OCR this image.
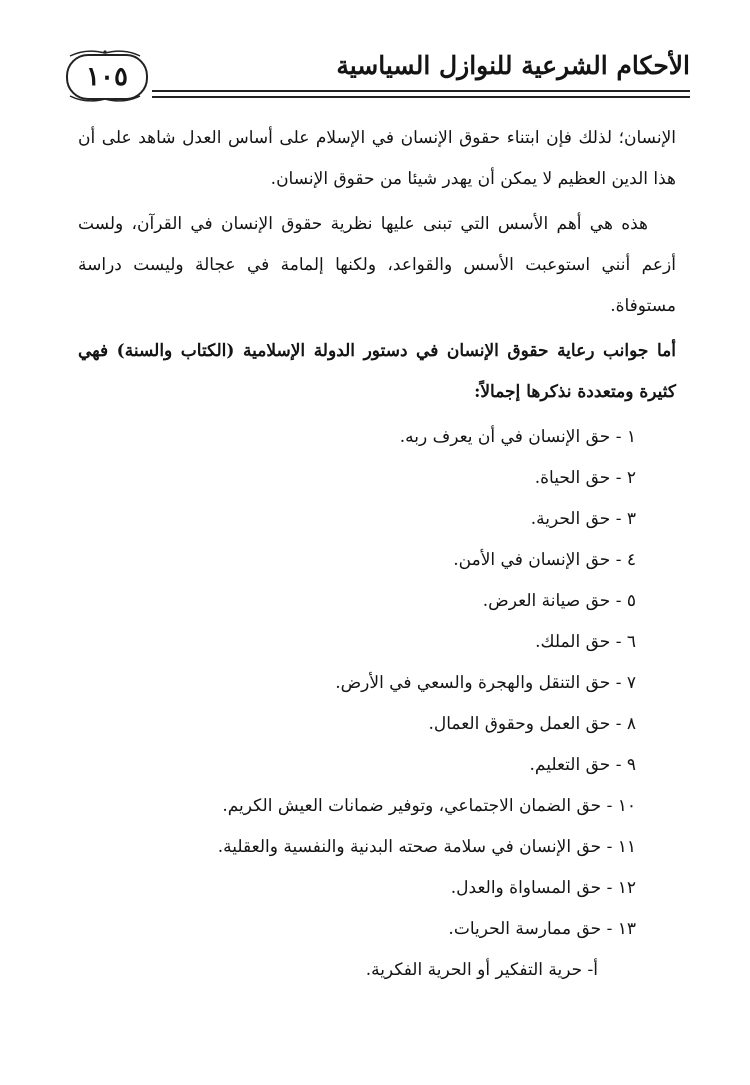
١٠٥	الأحكام الشرعية للنوازل السياسية

الإنسان؛ لذلك فإن ابتناء حقوق الإنسان في الإسلام على أساس العدل شاهد على أن هذا الدين العظيم لا يمكن أن يهدر شيئا من حقوق الإنسان.

هذه هي أهم الأسس التي تبنى عليها نظرية حقوق الإنسان في القرآن، ولست أزعم أنني استوعبت الأسس والقواعد، ولكنها إلمامة في عجالة وليست دراسة مستوفاة.

أما جوانب رعاية حقوق الإنسان في دستور الدولة الإسلامية (الكتاب والسنة) فهي كثيرة ومتعددة نذكرها إجمالاً:

١ - حق الإنسان في أن يعرف ربه.
٢ - حق الحياة.
٣ - حق الحرية.
٤ - حق الإنسان في الأمن.
٥ - حق صيانة العرض.
٦ - حق الملك.
٧ - حق التنقل والهجرة والسعي في الأرض.
٨ - حق العمل وحقوق العمال.
٩ - حق التعليم.
١٠ - حق الضمان الاجتماعي، وتوفير ضمانات العيش الكريم.
١١ - حق الإنسان في سلامة صحته البدنية والنفسية والعقلية.
١٢ - حق المساواة والعدل.
١٣ - حق ممارسة الحريات.
أ- حرية التفكير أو الحرية الفكرية.
